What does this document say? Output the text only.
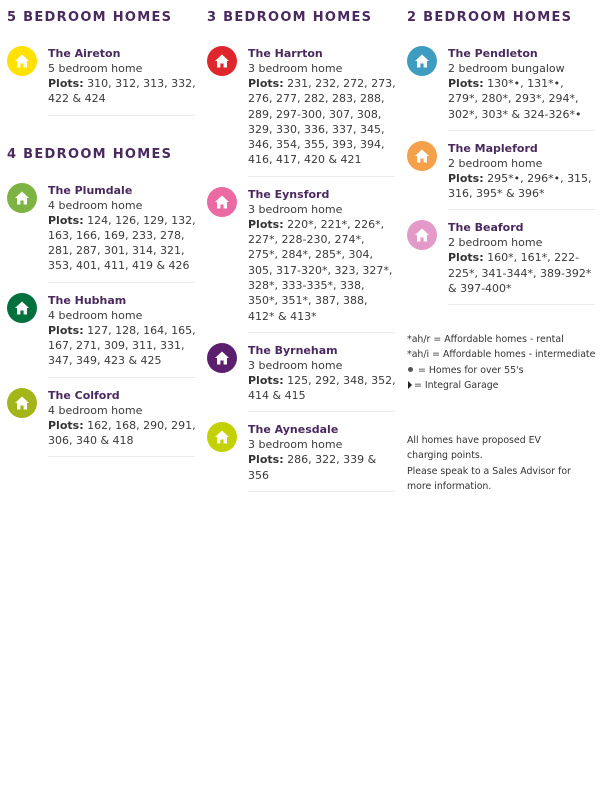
5 BEDROOM HOMES
The Aireton
5 bedroom home
Plots: 310, 312, 313, 332, 422 & 424
4 BEDROOM HOMES
The Plumdale
4 bedroom home
Plots: 124, 126, 129, 132, 163, 166, 169, 233, 278, 281, 287, 301, 314, 321, 353, 401, 411, 419 & 426
The Hubham
4 bedroom home
Plots: 127, 128, 164, 165, 167, 271, 309, 311, 331, 347, 349, 423 & 425
The Colford
4 bedroom home
Plots: 162, 168, 290, 291, 306, 340 & 418
3 BEDROOM HOMES
The Harrton
3 bedroom home
Plots: 231, 232, 272, 273, 276, 277, 282, 283, 288, 289, 297-300, 307, 308, 329, 330, 336, 337, 345, 346, 354, 355, 393, 394, 416, 417, 420 & 421
The Eynsford
3 bedroom home
Plots: 220*, 221*, 226*, 227*, 228-230, 274*, 275*, 284*, 285*, 304, 305, 317-320*, 323, 327*, 328*, 333-335*, 338, 350*, 351*, 387, 388, 412* & 413*
The Byrneham
3 bedroom home
Plots: 125, 292, 348, 352, 414 & 415
The Aynesdale
3 bedroom home
Plots: 286, 322, 339 & 356
2 BEDROOM HOMES
The Pendleton
2 bedroom bungalow
Plots: 130*•, 131*•, 279*, 280*, 293*, 294*, 302*, 303* & 324-326*•
The Mapleford
2 bedroom home
Plots: 295*•, 296*•, 315, 316, 395* & 396*
The Beaford
2 bedroom home
Plots: 160*, 161*, 222-225*, 341-344*, 389-392* & 397-400*
*ah/r = Affordable homes - rental
*ah/i = Affordable homes - intermediate
= Homes for over 55's
= Integral Garage
All homes have proposed EV
charging points.
Please speak to a Sales Advisor for
more information.
